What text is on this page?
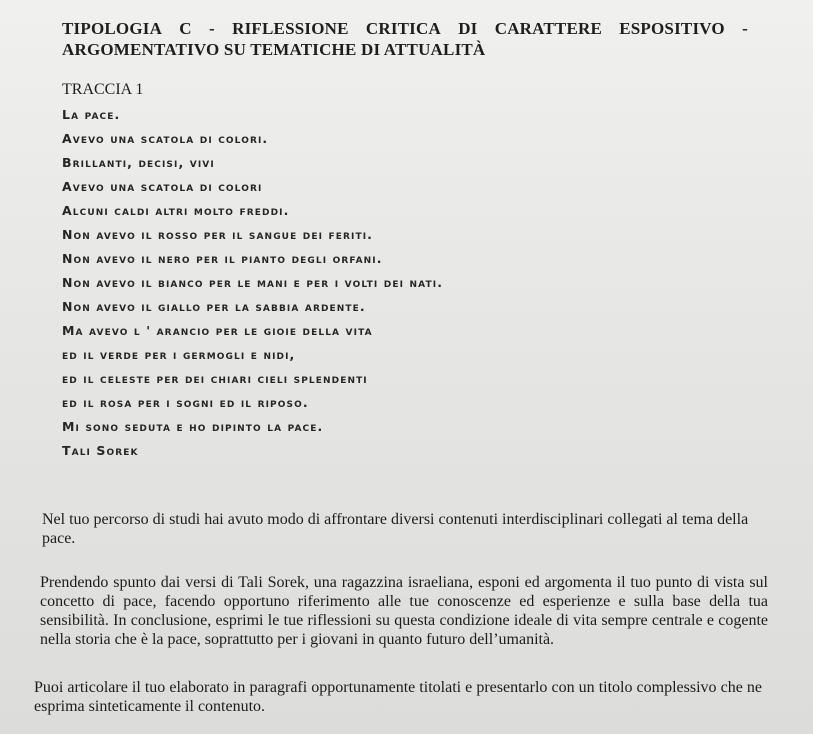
TIPOLOGIA C - RIFLESSIONE CRITICA DI CARATTERE ESPOSITIVO -
ARGOMENTATIVO SU TEMATICHE DI ATTUALITÀ
TRACCIA 1
La pace.
Avevo una scatola di colori.
Brillanti, decisi, vivi
Avevo una scatola di colori
Alcuni caldi altri molto freddi.
Non avevo il rosso per il sangue dei feriti.
Non avevo il nero per il pianto degli orfani.
Non avevo il bianco per le mani e per i volti dei nati.
Non avevo il giallo per la sabbia ardente.
Ma avevo l ' arancio per le gioie della vita
ed il verde per i germogli e nidi,
ed il celeste per dei chiari cieli splendenti
ed il rosa per i sogni ed il riposo.
Mi sono seduta e ho dipinto la pace.
Tali Sorek
Nel tuo percorso di studi hai avuto modo di affrontare diversi contenuti interdisciplinari collegati al tema della pace.
Prendendo spunto dai versi di Tali Sorek, una ragazzina israeliana, esponi ed argomenta il tuo punto di vista sul concetto di pace, facendo opportuno riferimento alle tue conoscenze ed esperienze e sulla base della tua sensibilità. In conclusione, esprimi le tue riflessioni su questa condizione ideale di vita sempre centrale e cogente nella storia che è la pace, soprattutto per i giovani in quanto futuro dell’umanità.
Puoi articolare il tuo elaborato in paragrafi opportunamente titolati e presentarlo con un titolo complessivo che ne esprima sinteticamente il contenuto.
